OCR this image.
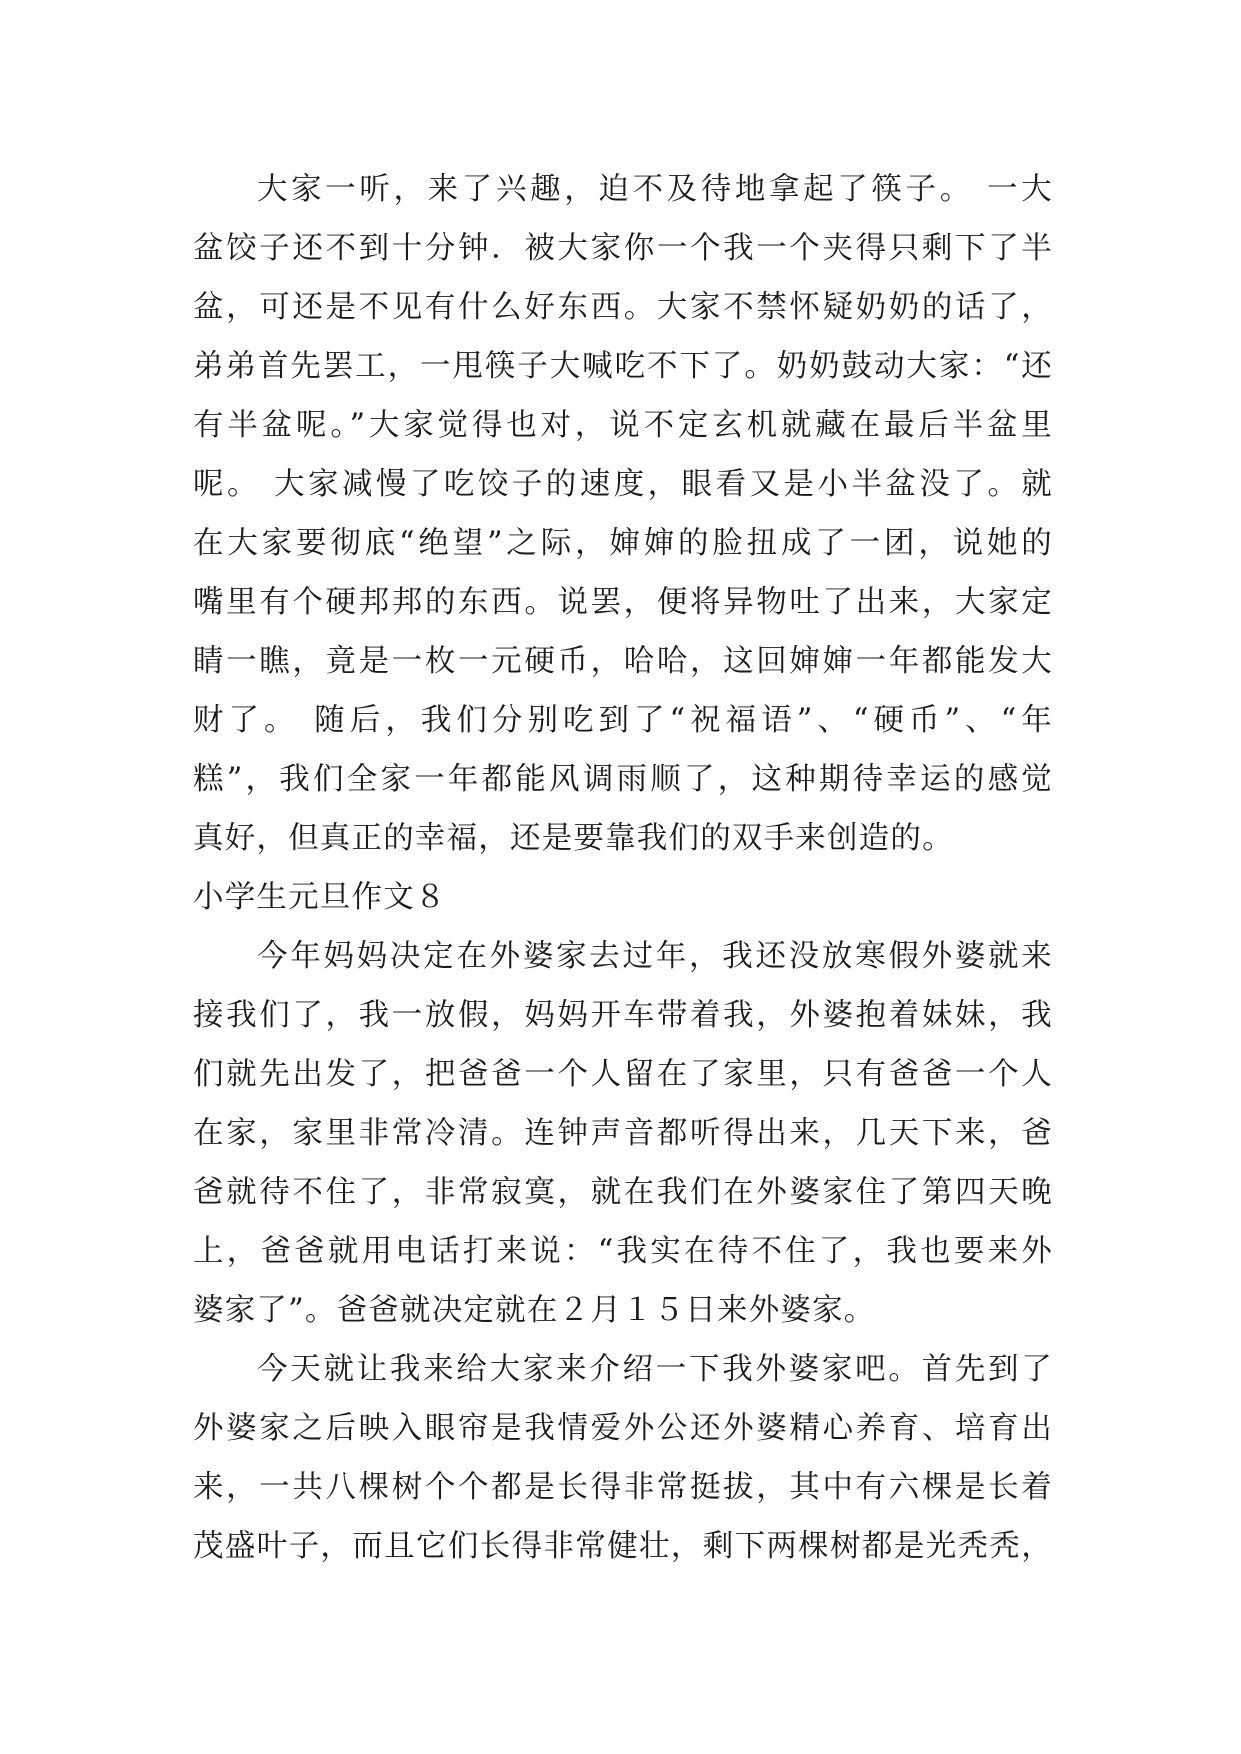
大家一听，来了兴趣，迫不及待地拿起了筷子。 一大
盆饺子还不到十分钟．被大家你一个我一个夹得只剩下了半
盆，可还是不见有什么好东西。大家不禁怀疑奶奶的话了，
弟弟首先罢工，一甩筷子大喊吃不下了。奶奶鼓动大家：“还
有半盆呢。”大家觉得也对，说不定玄机就藏在最后半盆里
呢。 大家减慢了吃饺子的速度，眼看又是小半盆没了。就
在大家要彻底“绝望”之际，婶婶的脸扭成了一团，说她的
嘴里有个硬邦邦的东西。说罢，便将异物吐了出来，大家定
睛一瞧，竟是一枚一元硬币，哈哈，这回婶婶一年都能发大
财了。 随后，我们分别吃到了“祝福语”、“硬币”、“年
糕”，我们全家一年都能风调雨顺了，这种期待幸运的感觉
真好，但真正的幸福，还是要靠我们的双手来创造的。
小学生元旦作文８
今年妈妈决定在外婆家去过年，我还没放寒假外婆就来
接我们了，我一放假，妈妈开车带着我，外婆抱着妹妹，我
们就先出发了，把爸爸一个人留在了家里，只有爸爸一个人
在家，家里非常冷清。连钟声音都听得出来，几天下来，爸
爸就待不住了，非常寂寞，就在我们在外婆家住了第四天晚
上，爸爸就用电话打来说：“我实在待不住了，我也要来外
婆家了”。爸爸就决定就在２月１５日来外婆家。
今天就让我来给大家来介绍一下我外婆家吧。首先到了
外婆家之后映入眼帘是我情爱外公还外婆精心养育、培育出
来，一共八棵树个个都是长得非常挺拔，其中有六棵是长着
茂盛叶子，而且它们长得非常健壮，剩下两棵树都是光秃秃，
